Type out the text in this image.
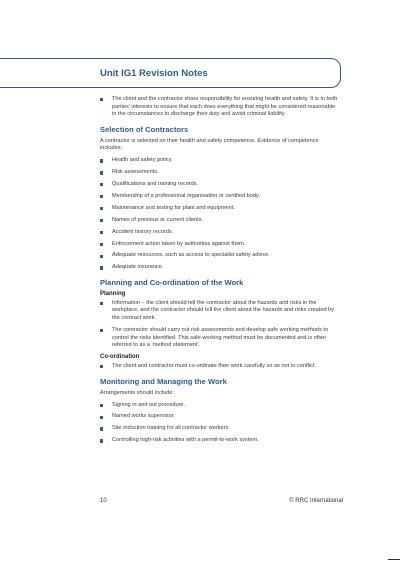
Unit IG1 Revision Notes
The client and the contractor share responsibility for ensuring health and safety. It is in both parties’ interests to ensure that each does everything that might be considered reasonable in the circumstances to discharge their duty and avoid criminal liability.
Selection of Contractors
A contractor is selected on their health and safety competence. Evidence of competence includes:
Health and safety policy.
Risk assessments.
Qualifications and training records.
Membership of a professional organisation or certified body.
Maintenance and testing for plant and equipment.
Names of previous or current clients.
Accident history records.
Enforcement action taken by authorities against them.
Adequate resources, such as access to specialist safety advice.
Adequate insurance.
Planning and Co-ordination of the Work
Planning
Information – the client should tell the contractor about the hazards and risks in the workplace, and the contractor should tell the client about the hazards and risks created by the contract work.
The contractor should carry out risk assessments and develop safe working methods to control the risks identified. This safe working method must be documented and is often referred to as a ‘method statement’.
Co-ordination
The client and contractor must co-ordinate their work carefully so as not to conflict.
Monitoring and Managing the Work
Arrangements should include:
Signing in and out procedure.
Named works supervisor.
Site induction training for all contractor workers.
Controlling high-risk activities with a permit-to-work system.
10	© RRC International
